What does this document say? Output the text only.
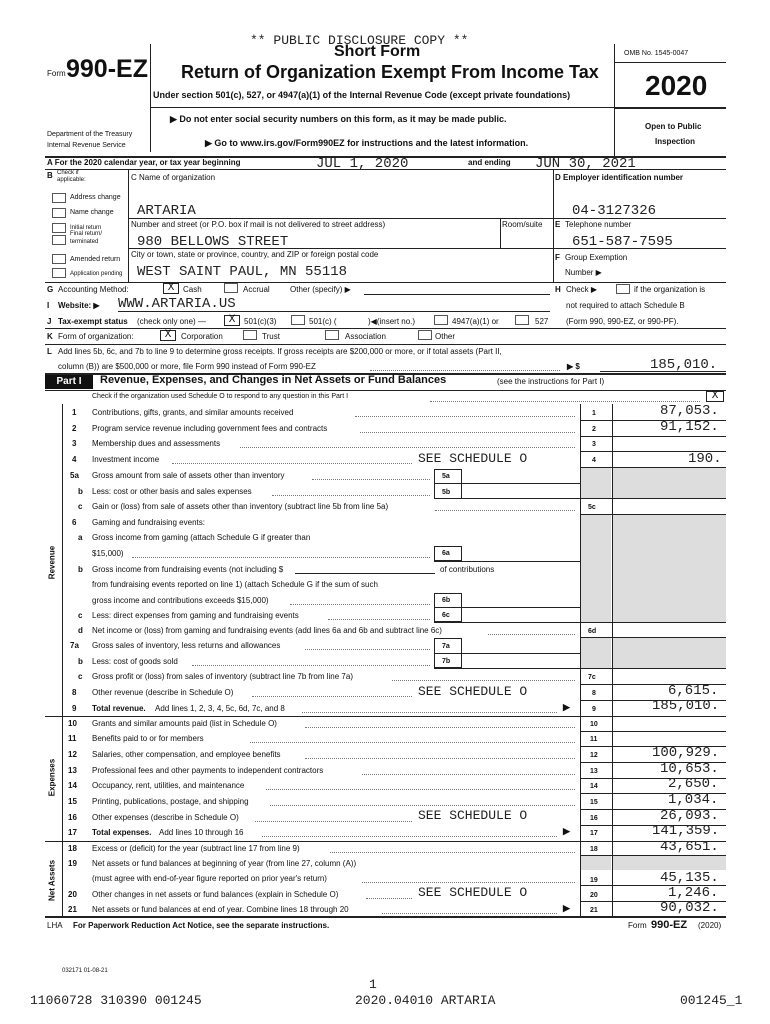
** PUBLIC DISCLOSURE COPY **
Form 990-EZ
Short Form
Return of Organization Exempt From Income Tax
Under section 501(c), 527, or 4947(a)(1) of the Internal Revenue Code (except private foundations)
▶ Do not enter social security numbers on this form, as it may be made public.
▶ Go to www.irs.gov/Form990EZ for instructions and the latest information.
Department of the Treasury
Internal Revenue Service
OMB No. 1545-0047
2020
Open to Public
Inspection
A For the 2020 calendar year, or tax year beginning	JUL 1, 2020	and ending JUN 30, 2021
B Check if
applicable:
Address change
Name change
Initial return
Final return/
terminated
Amended return
Application pending
C Name of organization
ARTARIA
Number and street (or P.O. box if mail is not delivered to street address)	Room/suite
980 BELLOWS STREET
City or town, state or province, country, and ZIP or foreign postal code
WEST SAINT PAUL, MN 55118
D Employer identification number
04-3127326
E Telephone number
651-587-7595
F Group Exemption
Number ▶
H Check ▶	if the organization is
not required to attach Schedule B
(Form 990, 990-EZ, or 990-PF).
G Accounting Method:	X	Cash	Accrual	Other (specify) ▶
I Website: ▶ WWW.ARTARIA.US
J Tax-exempt status (check only one) —	X	501(c)(3)	501(c) (	)◀(insert no.)	4947(a)(1) or	527
K Form of organization:	X	Corporation	Trust	Association	Other
L Add lines 5b, 6c, and 7b to line 9 to determine gross receipts. If gross receipts are $200,000 or more, or if total assets (Part II,
column (B)) are $500,000 or more, file Form 990 instead of Form 990-EZ	▶ $	185,010.
Part I	Revenue, Expenses, and Changes in Net Assets or Fund Balances	(see the instructions for Part I)
Check if the organization used Schedule O to respond to any question in this Part I	X
Revenue
Expenses
Net Assets
1 Contributions, gifts, grants, and similar amounts received	1	87,053.
2 Program service revenue including government fees and contracts	2	91,152.
3 Membership dues and assessments	3
4 Investment income	SEE SCHEDULE O	4	190.
5a Gross amount from sale of assets other than inventory	5a
b Less: cost or other basis and sales expenses	5b
c Gain or (loss) from sale of assets other than inventory (subtract line 5b from line 5a)	5c
6 Gaming and fundraising events:
a Gross income from gaming (attach Schedule G if greater than
$15,000)	6a
b Gross income from fundraising events (not including $	of contributions
from fundraising events reported on line 1) (attach Schedule G if the sum of such
gross income and contributions exceeds $15,000)	6b
c Less: direct expenses from gaming and fundraising events	6c
d Net income or (loss) from gaming and fundraising events (add lines 6a and 6b and subtract line 6c)	6d
7a Gross sales of inventory, less returns and allowances	7a
b Less: cost of goods sold	7b
c Gross profit or (loss) from sales of inventory (subtract line 7b from line 7a)	7c
8 Other revenue (describe in Schedule O)	SEE SCHEDULE O	8	6,615.
9 Total revenue. Add lines 1, 2, 3, 4, 5c, 6d, 7c, and 8	▶	9	185,010.
10 Grants and similar amounts paid (list in Schedule O)	10
11 Benefits paid to or for members	11
12 Salaries, other compensation, and employee benefits	12	100,929.
13 Professional fees and other payments to independent contractors	13	10,653.
14 Occupancy, rent, utilities, and maintenance	14	2,650.
15 Printing, publications, postage, and shipping	15	1,034.
16 Other expenses (describe in Schedule O)	SEE SCHEDULE O	16	26,093.
17 Total expenses. Add lines 10 through 16	▶	17	141,359.
18 Excess or (deficit) for the year (subtract line 17 from line 9)	18	43,651.
19 Net assets or fund balances at beginning of year (from line 27, column (A))
(must agree with end-of-year figure reported on prior year's return)	19	45,135.
20 Other changes in net assets or fund balances (explain in Schedule O)	SEE SCHEDULE O	20	1,246.
21 Net assets or fund balances at end of year. Combine lines 18 through 20	▶	21	90,032.
LHA For Paperwork Reduction Act Notice, see the separate instructions.	Form 990-EZ (2020)
032171 01-08-21
1
11060728 310390 001245	2020.04010 ARTARIA	001245_1
